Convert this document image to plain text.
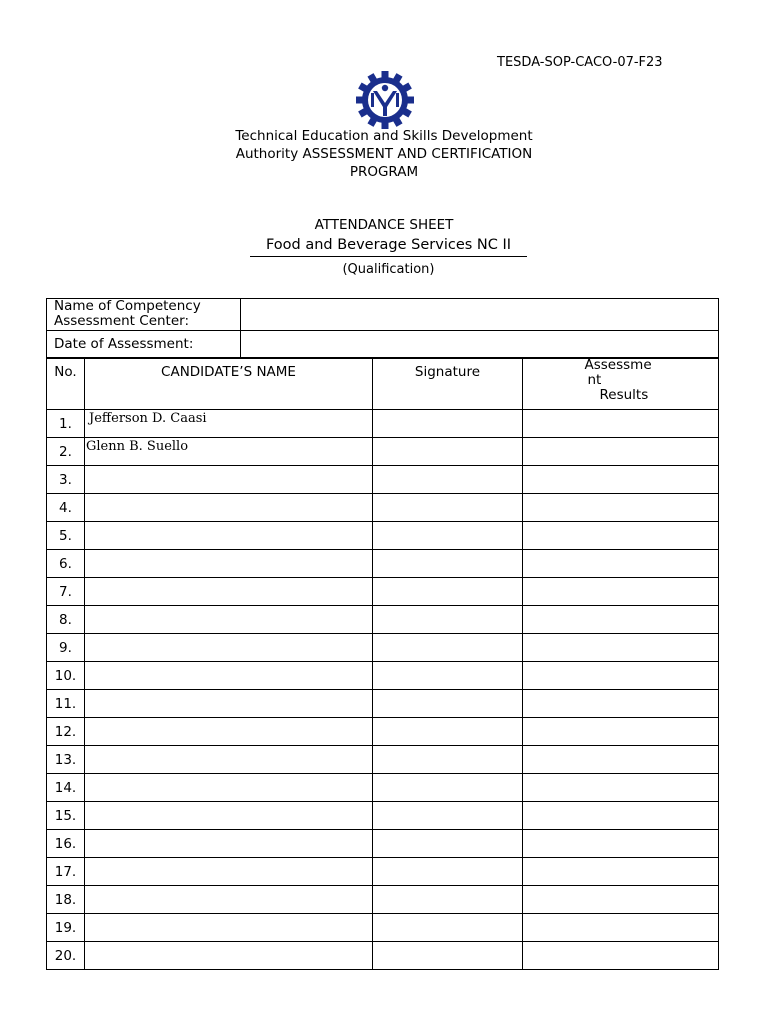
TESDA-SOP-CACO-07-F23
Technical Education and Skills Development
Authority ASSESSMENT AND CERTIFICATION
PROGRAM
ATTENDANCE SHEET
Food and Beverage Services NC II
(Qualification)
Name of Competency
Assessment Center:	

Date of Assessment:	
No.	CANDIDATE’S NAME	Signature	Assessme
nt
Results

1.	Jefferson D. Caasi		
2.	Glenn B. Suello		
3.			
4.			
5.			
6.			
7.			
8.			
9.			
10.			
11.			
12.			
13.			
14.			
15.			
16.			
17.			
18.			
19.			
20.			
